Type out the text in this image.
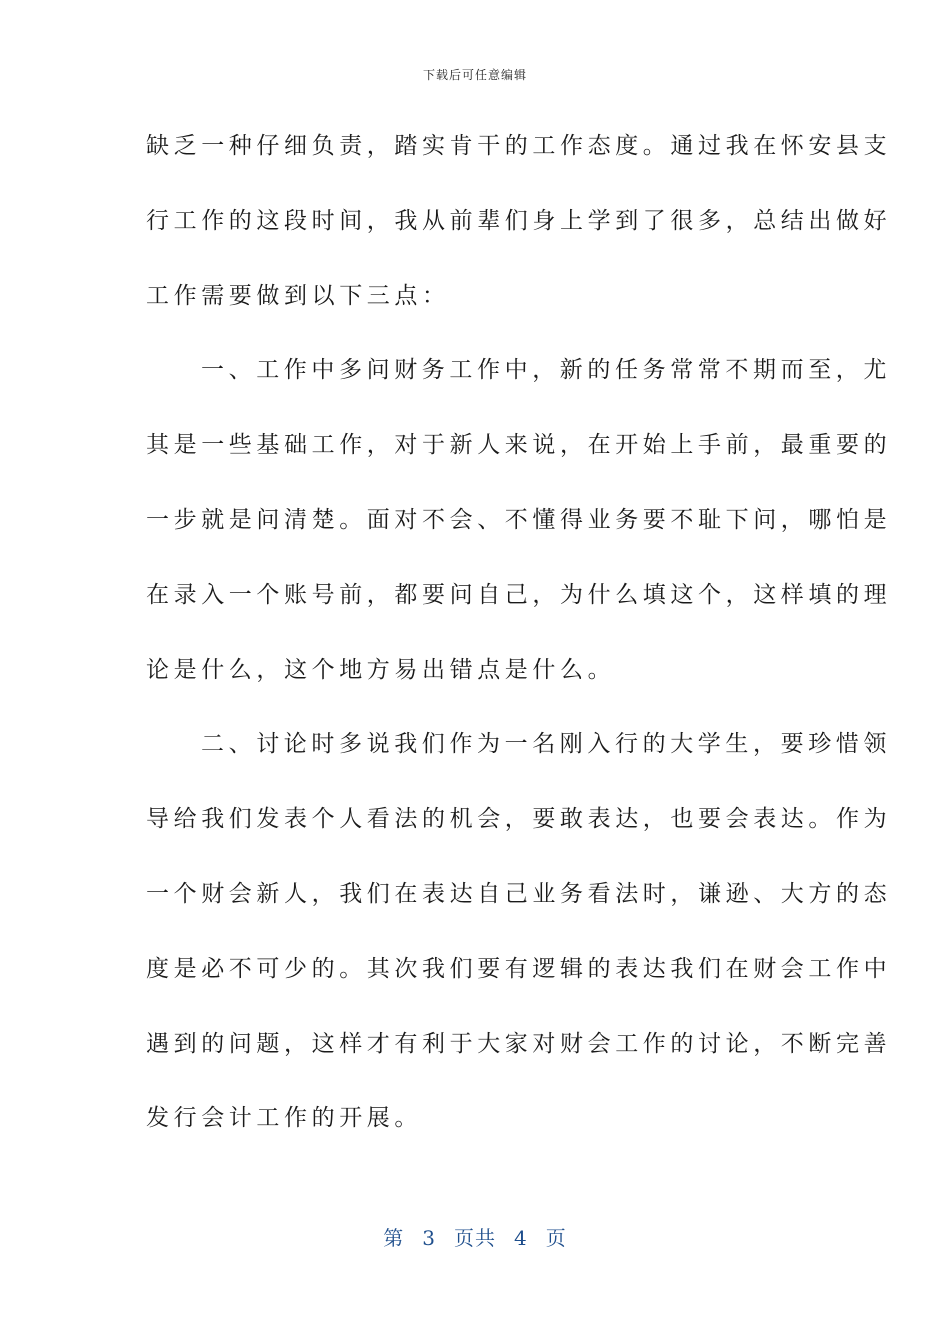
下载后可任意编辑
缺乏一种仔细负责，踏实肯干的工作态度。通过我在怀安县支
行工作的这段时间，我从前辈们身上学到了很多，总结出做好
工作需要做到以下三点：
一、工作中多问财务工作中，新的任务常常不期而至，尤
其是一些基础工作，对于新人来说，在开始上手前，最重要的
一步就是问清楚。面对不会、不懂得业务要不耻下问，哪怕是
在录入一个账号前，都要问自己，为什么填这个，这样填的理
论是什么，这个地方易出错点是什么。
二、讨论时多说我们作为一名刚入行的大学生，要珍惜领
导给我们发表个人看法的机会，要敢表达，也要会表达。作为
一个财会新人，我们在表达自己业务看法时，谦逊、大方的态
度是必不可少的。其次我们要有逻辑的表达我们在财会工作中
遇到的问题，这样才有利于大家对财会工作的讨论，不断完善
发行会计工作的开展。
第 3 页共 4 页
